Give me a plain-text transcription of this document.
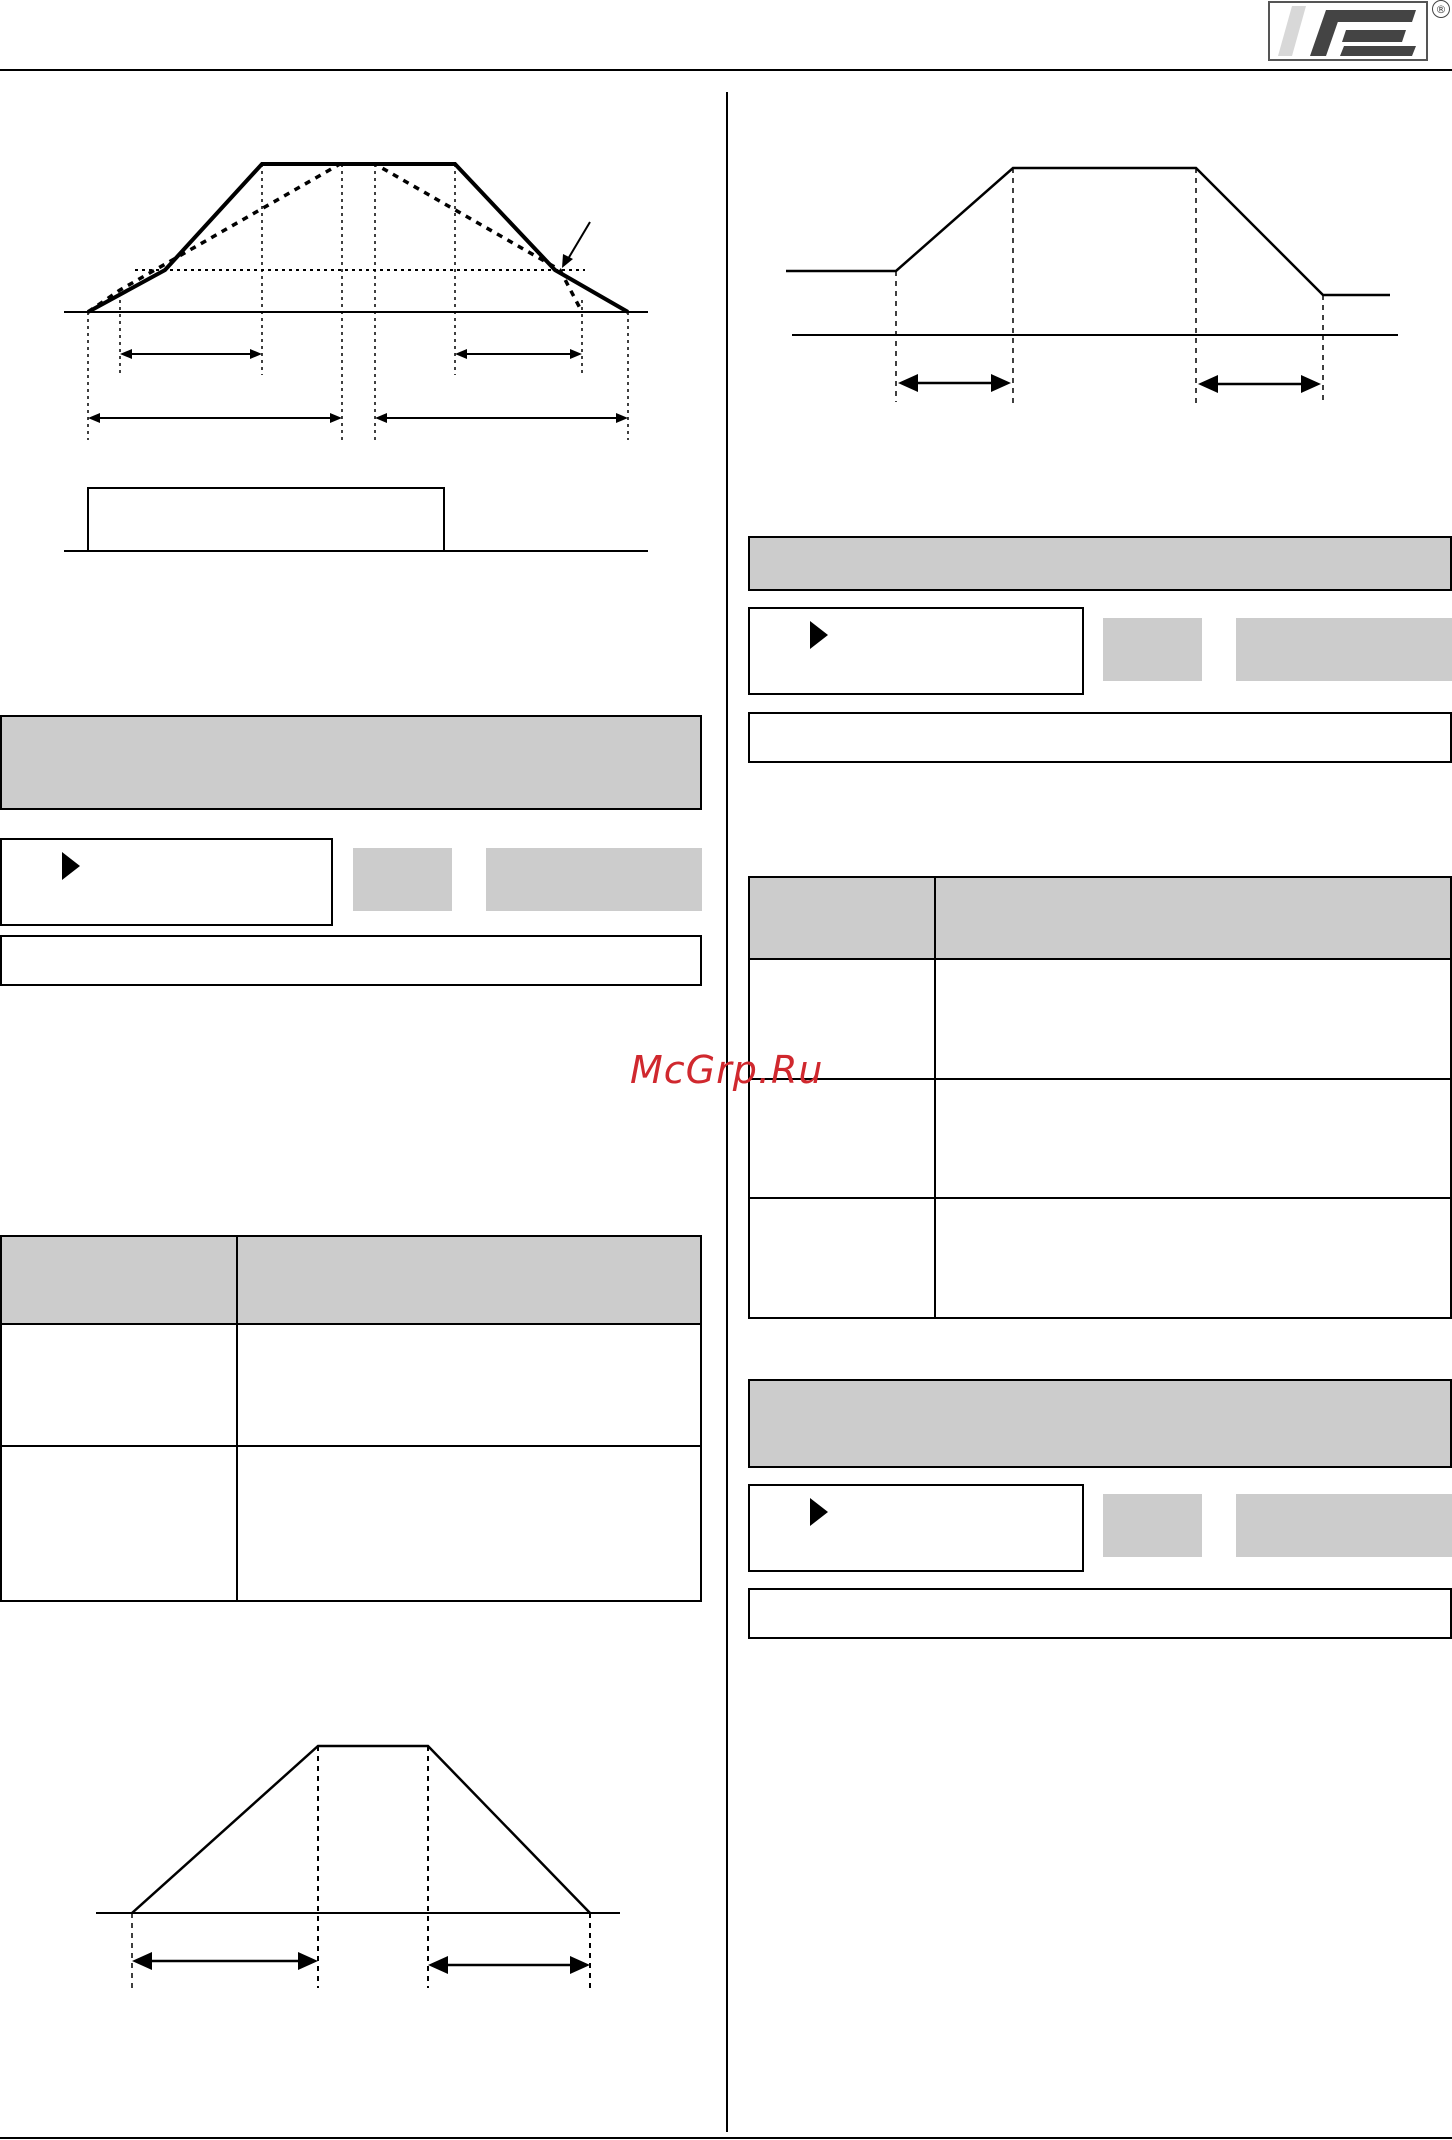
®

McGrp.Ru
